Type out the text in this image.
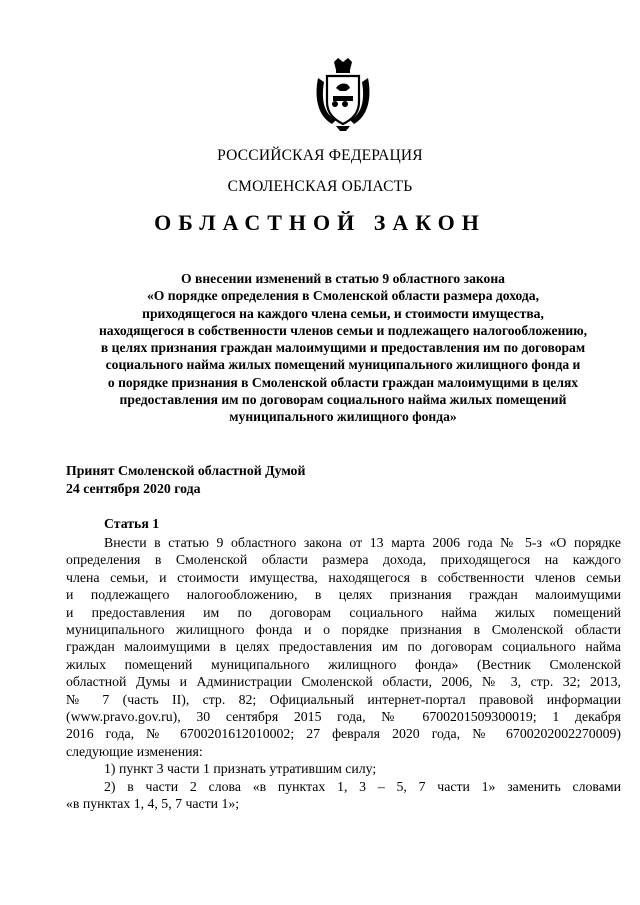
РОССИЙСКАЯ ФЕДЕРАЦИЯ
СМОЛЕНСКАЯ ОБЛАСТЬ
ОБЛАСТНОЙ ЗАКОН
О внесении изменений в статью 9 областного закона
«О порядке определения в Смоленской области размера дохода,
приходящегося на каждого члена семьи, и стоимости имущества,
находящегося в собственности членов семьи и подлежащего налогообложению,
в целях признания граждан малоимущими и предоставления им по договорам
социального найма жилых помещений муниципального жилищного фонда и
о порядке признания в Смоленской области граждан малоимущими в целях
предоставления им по договорам социального найма жилых помещений
муниципального жилищного фонда»
Принят Смоленской областной Думой
24 сентября 2020 года
Статья 1
Внести в статью 9 областного закона от 13 марта 2006 года № 5-з «О порядке
определения в Смоленской области размера дохода, приходящегося на каждого
члена семьи, и стоимости имущества, находящегося в собственности членов семьи
и подлежащего налогообложению, в целях признания граждан малоимущими
и предоставления им по договорам социального найма жилых помещений
муниципального жилищного фонда и о порядке признания в Смоленской области
граждан малоимущими в целях предоставления им по договорам социального найма
жилых помещений муниципального жилищного фонда» (Вестник Смоленской
областной Думы и Администрации Смоленской области, 2006, № 3, стр. 32; 2013,
№ 7 (часть II), стр. 82; Официальный интернет-портал правовой информации
(www.pravo.gov.ru), 30 сентября 2015 года, № 6700201509300019; 1 декабря
2016 года, № 6700201612010002; 27 февраля 2020 года, № 6700202002270009)
следующие изменения:
1) пункт 3 части 1 признать утратившим силу;
2) в части 2 слова «в пунктах 1, 3 – 5, 7 части 1» заменить словами
«в пунктах 1, 4, 5, 7 части 1»;
